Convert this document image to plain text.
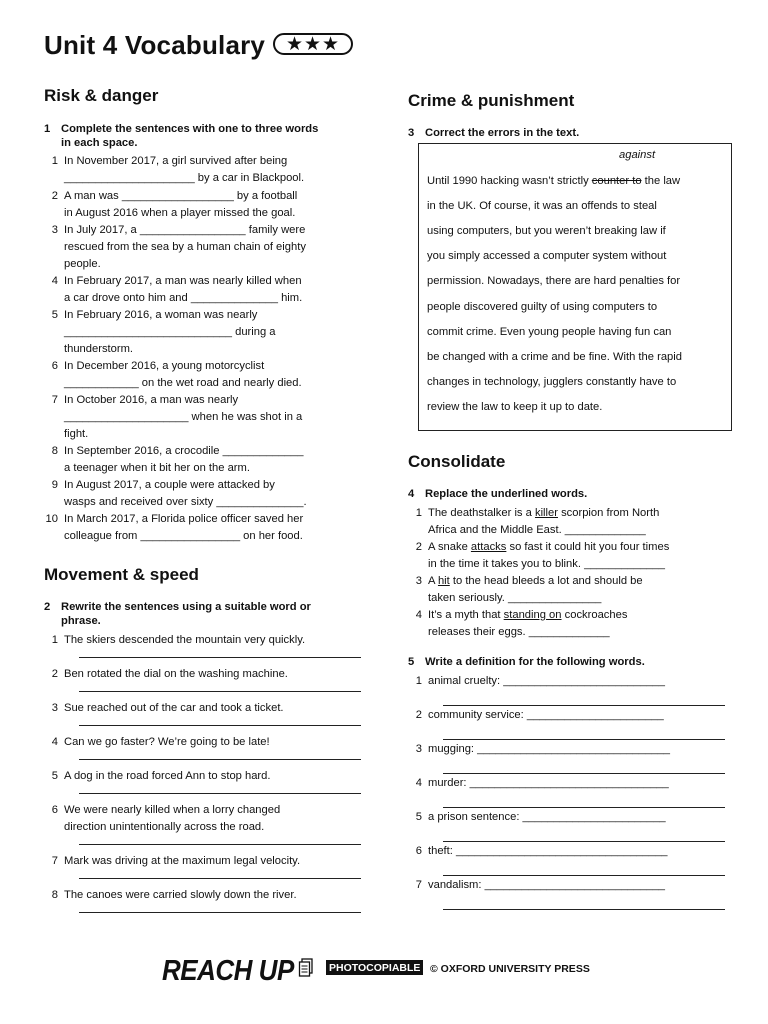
Unit 4 Vocabulary	★★★
Risk & danger
1 Complete the sentences with one to three words
in each space.
1 In November 2017, a girl survived after being
_____________________ by a car in Blackpool.
2 A man was __________________ by a football
in August 2016 when a player missed the goal.
3 In July 2017, a _________________ family were
rescued from the sea by a human chain of eighty
people.
4 In February 2017, a man was nearly killed when
a car drove onto him and ______________ him.
5 In February 2016, a woman was nearly
___________________________ during a
thunderstorm.
6 In December 2016, a young motorcyclist
____________ on the wet road and nearly died.
7 In October 2016, a man was nearly
____________________ when he was shot in a
fight.
8 In September 2016, a crocodile _____________
a teenager when it bit her on the arm.
9 In August 2017, a couple were attacked by
wasps and received over sixty ______________.
10 In March 2017, a Florida police officer saved her
colleague from ________________ on her food.
Movement & speed
2 Rewrite the sentences using a suitable word or
phrase.
1 The skiers descended the mountain very quickly.
2 Ben rotated the dial on the washing machine.
3 Sue reached out of the car and took a ticket.
4 Can we go faster? We’re going to be late!
5 A dog in the road forced Ann to stop hard.
6 We were nearly killed when a lorry changed
direction unintentionally across the road.
7 Mark was driving at the maximum legal velocity.
8 The canoes were carried slowly down the river.
Crime & punishment
3 Correct the errors in the text.
against
Until 1990 hacking wasn’t strictly counter to the law
in the UK. Of course, it was an offends to steal
using computers, but you weren’t breaking law if
you simply accessed a computer system without
permission. Nowadays, there are hard penalties for
people discovered guilty of using computers to
commit crime. Even young people having fun can
be changed with a crime and be fine. With the rapid
changes in technology, jugglers constantly have to
review the law to keep it up to date.
Consolidate
4 Replace the underlined words.
1 The deathstalker is a killer scorpion from North
Africa and the Middle East. _____________
2 A snake attacks so fast it could hit you four times
in the time it takes you to blink. _____________
3 A hit to the head bleeds a lot and should be
taken seriously. _______________
4 It’s a myth that standing on cockroaches
releases their eggs. _____________
5 Write a definition for the following words.
1 animal cruelty: __________________________
2 community service: ______________________
3 mugging: _______________________________
4 murder: ________________________________
5 a prison sentence: _______________________
6 theft: __________________________________
7 vandalism: _____________________________
REACH UP	PHOTOCOPIABLE © OXFORD UNIVERSITY PRESS
